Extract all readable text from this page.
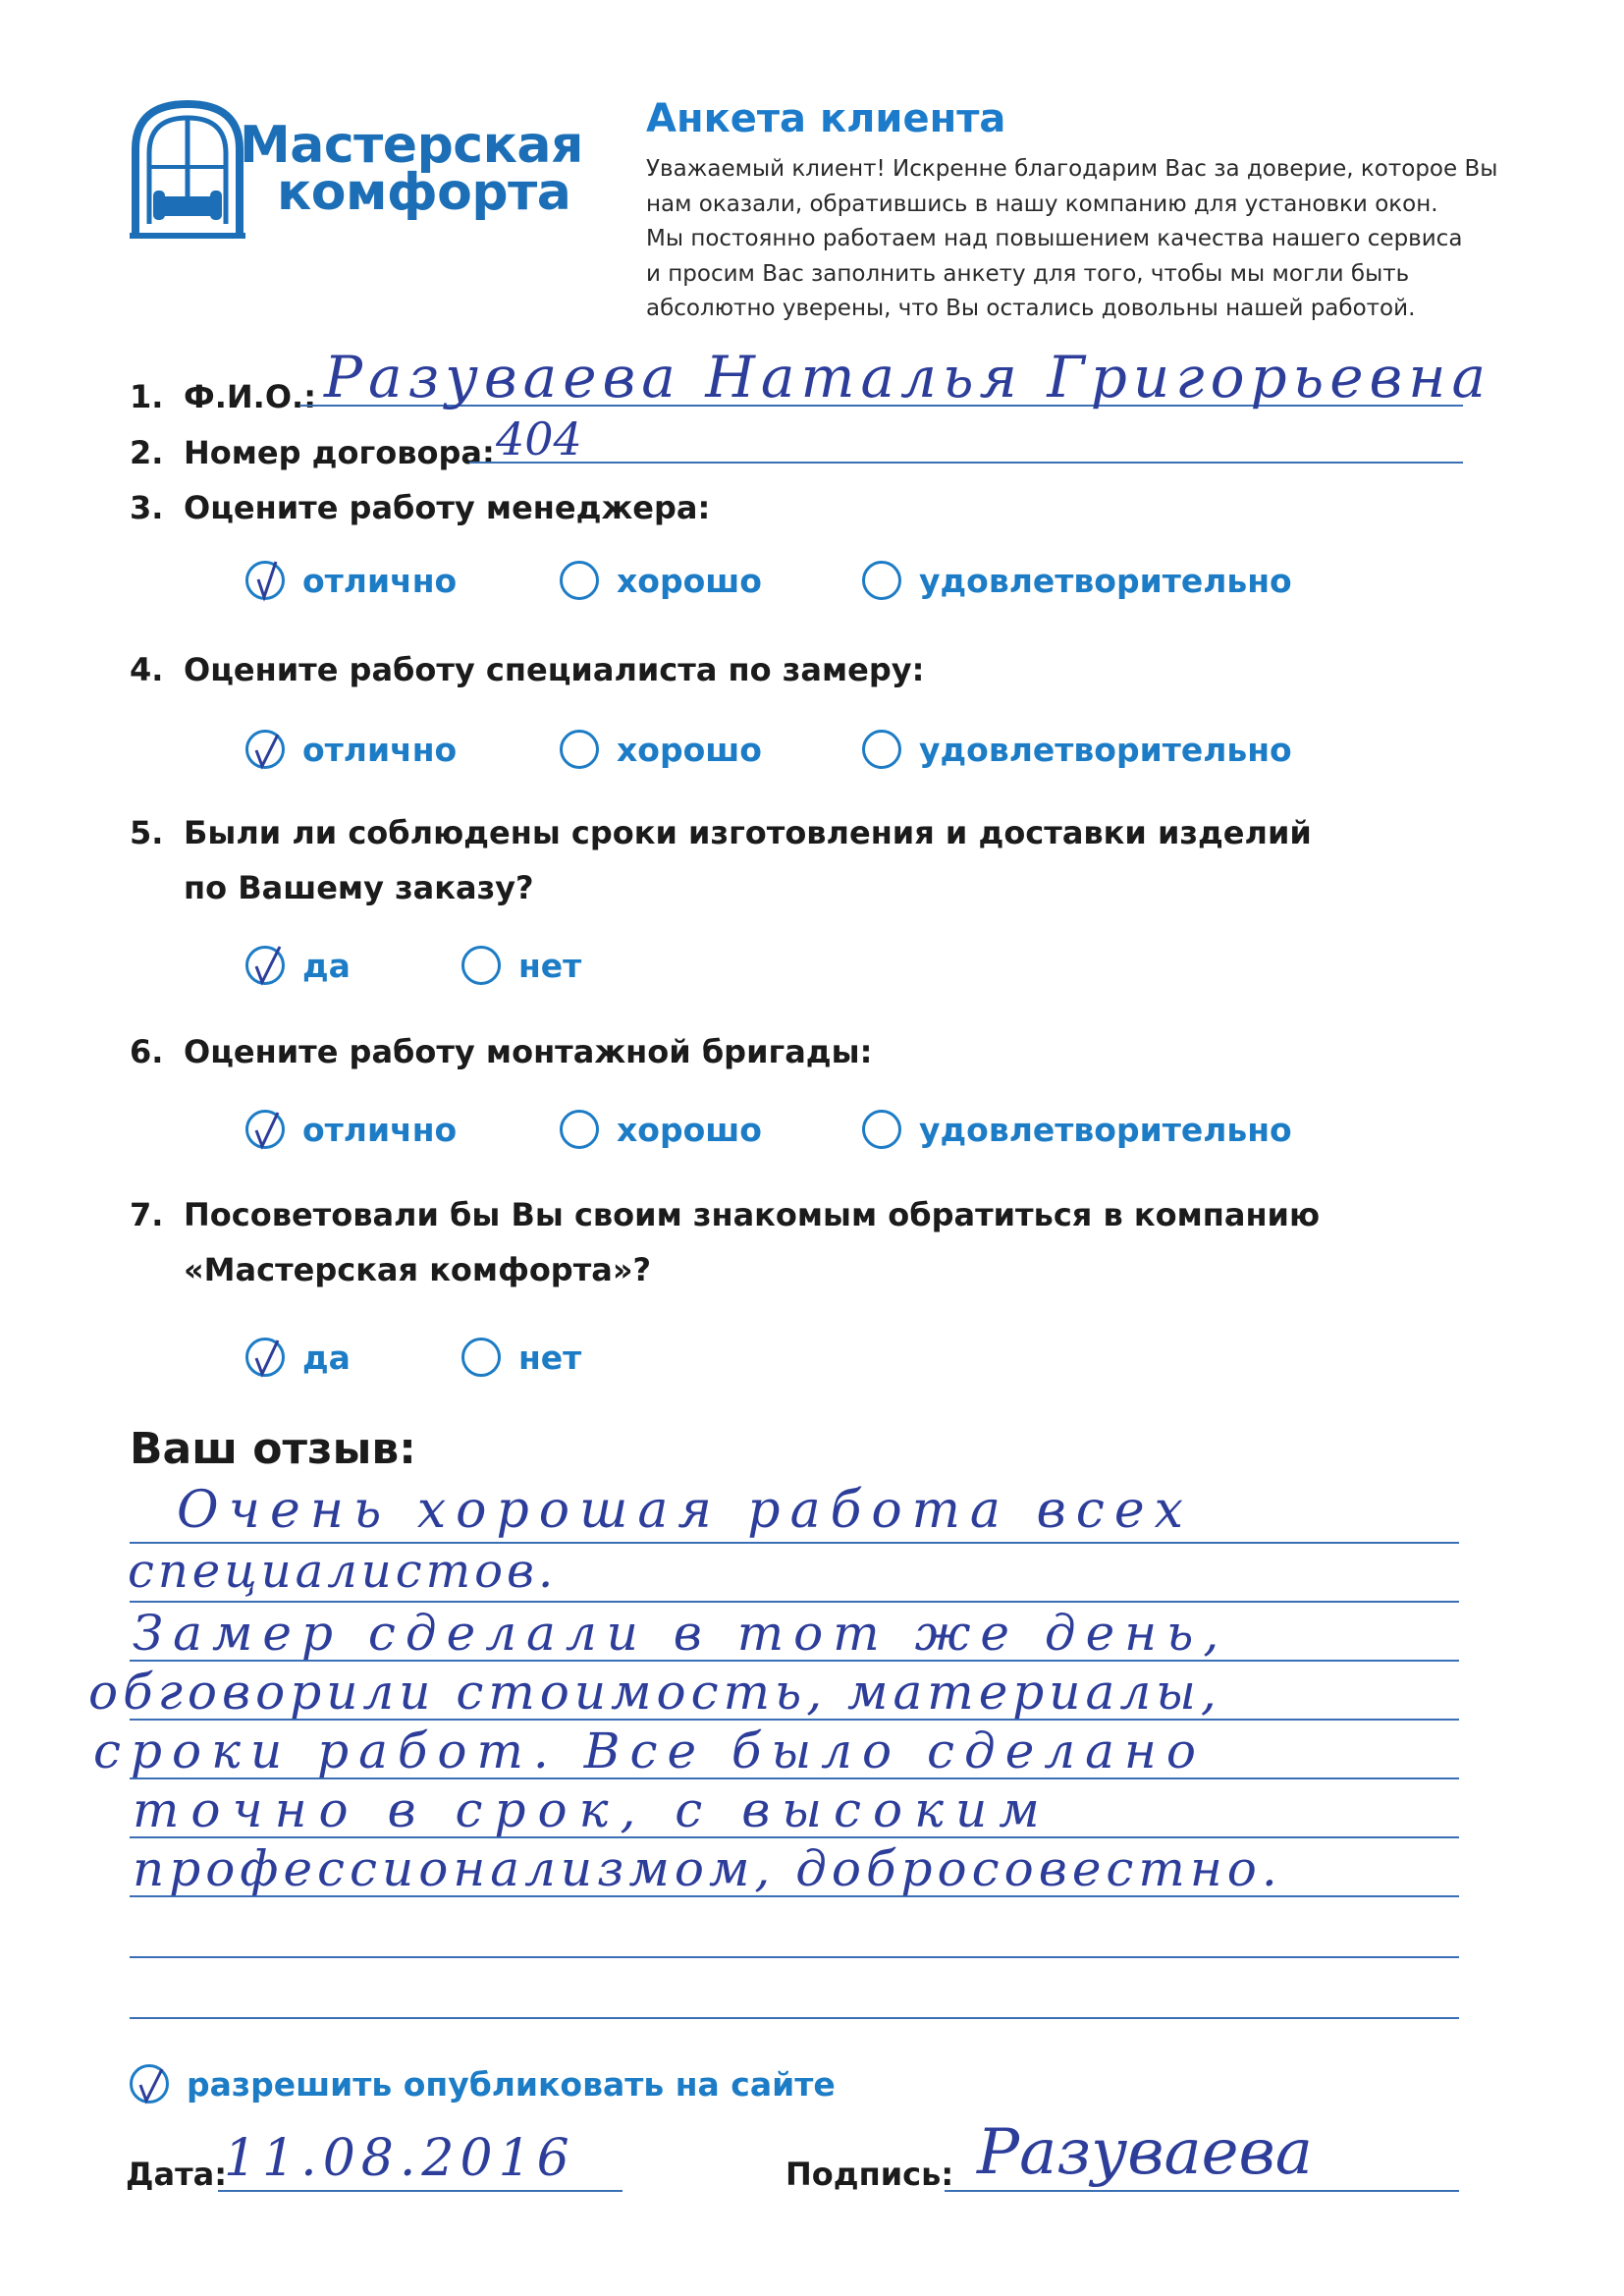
Мастерская
комфорта
Анкета клиента
Уважаемый клиент! Искренне благодарим Вас за доверие, которое Вы
нам оказали, обратившись в нашу компанию для установки окон.
Мы постоянно работаем над повышением качества нашего сервиса
и просим Вас заполнить анкету для того, чтобы мы могли быть
абсолютно уверены, что Вы остались довольны нашей работой.
1. Ф.И.О.: Разуваева Наталья Григорьевна
2. Номер договора: 404
3. Оцените работу менеджера:
отлично	хорошо	удовлетворительно
4. Оцените работу специалиста по замеру:
отлично	хорошо	удовлетворительно
5. Были ли соблюдены сроки изготовления и доставки изделий
по Вашему заказу?
да	нет
6. Оцените работу монтажной бригады:
отлично	хорошо	удовлетворительно
7. Посоветовали бы Вы своим знакомым обратиться в компанию
«Мастерская комфорта»?
да	нет
Ваш отзыв:
Очень хорошая работа всех
специалистов.
Замер сделали в тот же день,
обговорили стоимость, материалы,
сроки работ. Все было сделано
точно в срок, с высоким
профессионализмом, добросовестно.
разрешить опубликовать на сайте
Дата:
11.08.2016	Подпись: Разуваева
